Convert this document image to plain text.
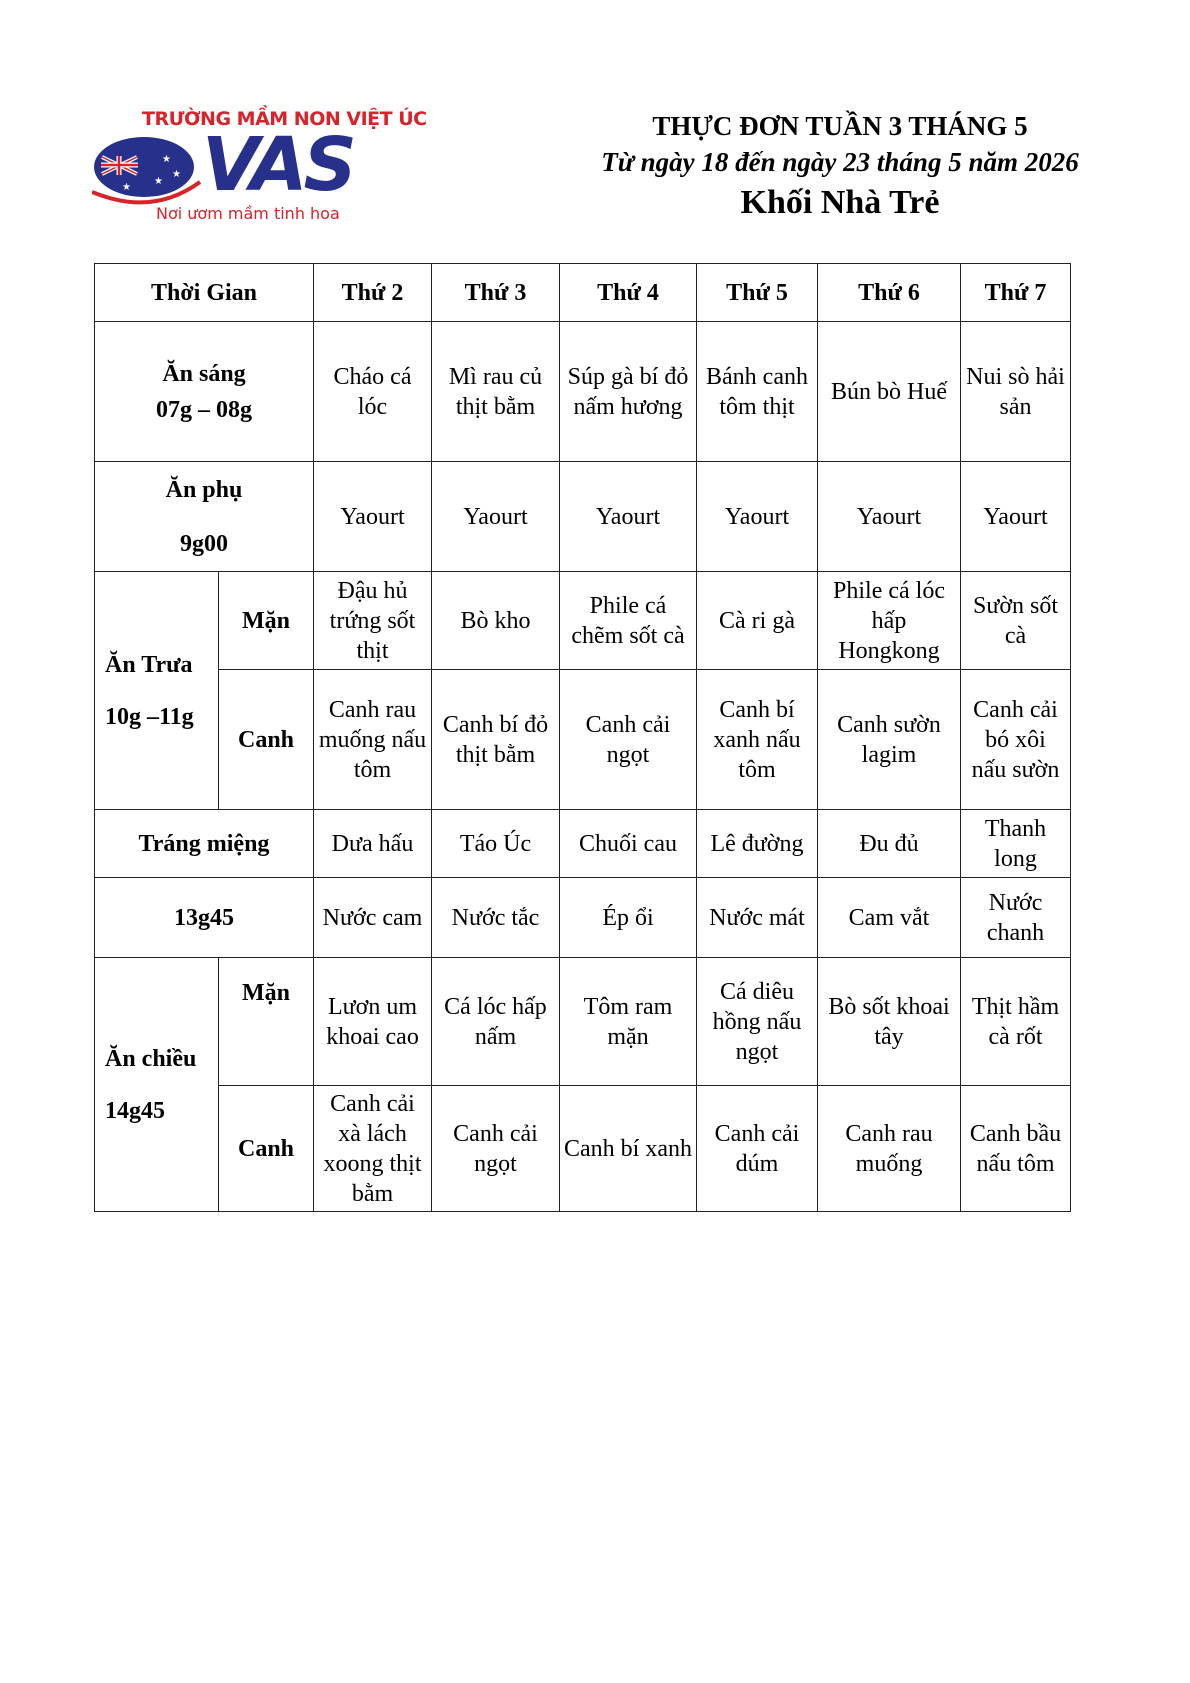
TRƯỜNG MẦM NON VIỆT ÚC
★
★
★
★ VAS
Nơi ươm mầm tinh hoa
THỰC ĐƠN TUẦN 3 THÁNG 5
Từ ngày 18 đến ngày 23 tháng 5 năm 2026
Khối Nhà Trẻ
Thời Gian		Thứ 2	Thứ 3	Thứ 4	Thứ 5	Thứ 6	Thứ 7

Ăn sáng
07g – 08g		Cháo cá lóc	Mì rau củ thịt bằm	Súp gà bí đỏ nấm hương	Bánh canh tôm thịt	Bún bò Huế	Nui sò hải sản

Ăn phụ
9g00		Yaourt	Yaourt	Yaourt	Yaourt	Yaourt	Yaourt

Ăn Trưa
10g –11g	Mặn	Đậu hủ trứng sốt thịt	Bò kho	Phile cá chẽm sốt cà	Cà ri gà	Phile cá lóc hấp Hongkong	Sườn sốt cà
	Canh	Canh rau muống nấu tôm	Canh bí đỏ thịt bằm	Canh cải ngọt	Canh bí xanh nấu tôm	Canh sườn lagim	Canh cải bó xôi nấu sườn
Tráng miệng		Dưa hấu	Táo Úc	Chuối cau	Lê đường	Đu đủ	Thanh long
13g45		Nước cam	Nước tắc	Ép ổi	Nước mát	Cam vắt	Nước chanh

Ăn chiều
14g45	Mặn	Lươn um khoai cao	Cá lóc hấp nấm	Tôm ram mặn	Cá diêu hồng nấu ngọt	Bò sốt khoai tây	Thịt hầm cà rốt
	Canh	Canh cải xà lách xoong thịt bằm	Canh cải ngọt	Canh bí xanh	Canh cải dúm	Canh rau muống	Canh bầu nấu tôm
